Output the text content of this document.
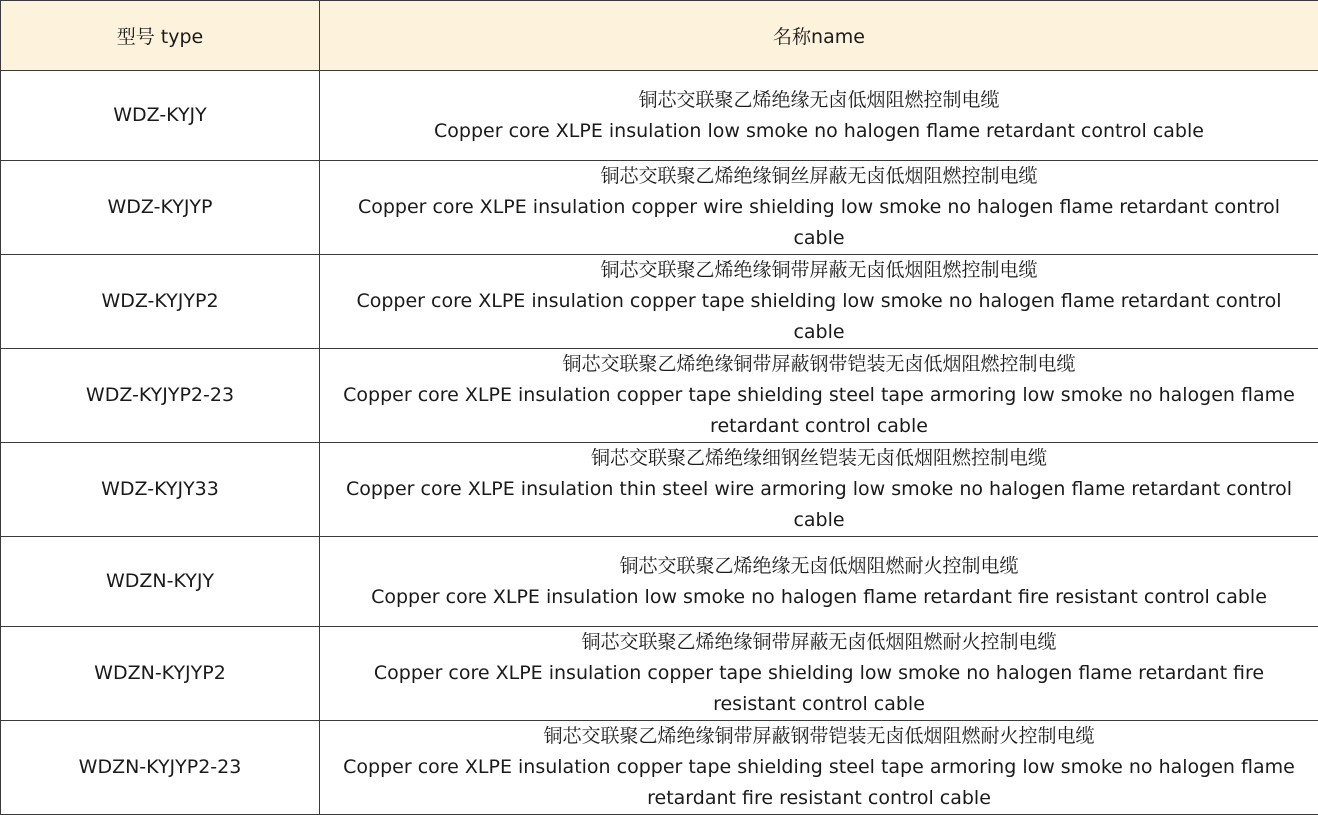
型号 type	名称name
WDZ-KYJY	铜芯交联聚乙烯绝缘无卤低烟阻燃控制电缆
Copper core XLPE insulation low smoke no halogen flame retardant control cable

WDZ-KYJYP	铜芯交联聚乙烯绝缘铜丝屏蔽无卤低烟阻燃控制电缆
Copper core XLPE insulation copper wire shielding low smoke no halogen flame retardant control cable

WDZ-KYJYP2	铜芯交联聚乙烯绝缘铜带屏蔽无卤低烟阻燃控制电缆
Copper core XLPE insulation copper tape shielding low smoke no halogen flame retardant control cable

WDZ-KYJYP2-23	铜芯交联聚乙烯绝缘铜带屏蔽钢带铠装无卤低烟阻燃控制电缆
Copper core XLPE insulation copper tape shielding steel tape armoring low smoke no halogen flame retardant control cable

WDZ-KYJY33	铜芯交联聚乙烯绝缘细钢丝铠装无卤低烟阻燃控制电缆
Copper core XLPE insulation thin steel wire armoring low smoke no halogen flame retardant control cable

WDZN-KYJY	铜芯交联聚乙烯绝缘无卤低烟阻燃耐火控制电缆
Copper core XLPE insulation low smoke no halogen flame retardant fire resistant control cable

WDZN-KYJYP2	铜芯交联聚乙烯绝缘铜带屏蔽无卤低烟阻燃耐火控制电缆
Copper core XLPE insulation copper tape shielding low smoke no halogen flame retardant fire resistant control cable

WDZN-KYJYP2-23	铜芯交联聚乙烯绝缘铜带屏蔽钢带铠装无卤低烟阻燃耐火控制电缆
Copper core XLPE insulation copper tape shielding steel tape armoring low smoke no halogen flame retardant fire resistant control cable
